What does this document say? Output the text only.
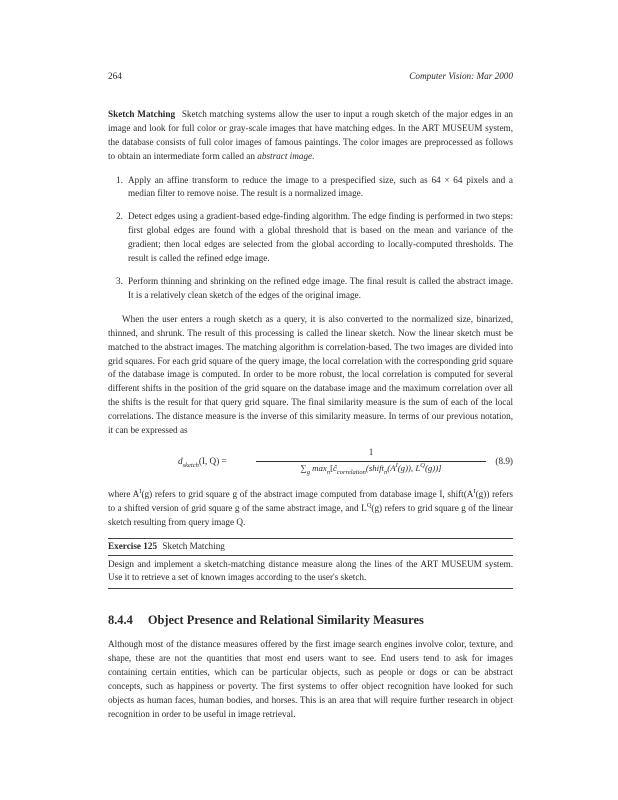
264	Computer Vision: Mar 2000

Sketch Matching Sketch matching systems allow the user to input a rough sketch of the major edges in an image and look for full color or gray-scale images that have matching edges. In the ART MUSEUM system, the database consists of full color images of famous paintings. The color images are preprocessed as follows to obtain an intermediate form called an abstract image.

1. Apply an affine transform to reduce the image to a prespecified size, such as 64 × 64 pixels and a median filter to remove noise. The result is a normalized image.
2. Detect edges using a gradient-based edge-finding algorithm. The edge finding is performed in two steps: first global edges are found with a global threshold that is based on the mean and variance of the gradient; then local edges are selected from the global according to locally-computed thresholds. The result is called the refined edge image.
3. Perform thinning and shrinking on the refined edge image. The final result is called the abstract image. It is a relatively clean sketch of the edges of the original image.

When the user enters a rough sketch as a query, it is also converted to the normalized size, binarized, thinned, and shrunk. The result of this processing is called the linear sketch. Now the linear sketch must be matched to the abstract images. The matching algorithm is correlation-based. The two images are divided into grid squares. For each grid square of the query image, the local correlation with the corresponding grid square of the database image is computed. In order to be more robust, the local correlation is computed for several different shifts in the position of the grid square on the database image and the maximum correlation over all the shifts is the result for that query grid square. The final similarity measure is the sum of each of the local correlations. The distance measure is the inverse of this similarity measure. In terms of our previous notation, it can be expressed as

$d_{sketch}(I$, Q) =
1
$\sum_g$ $\max_n[ĉ_{correlation}(shift_n(A^I(g))$, $L^Q(g)$)]
(8.9)

where $A^I(g)$ refers to grid square g of the abstract image computed from database image I, $shift(A^I(g))$ refers to a shifted version of grid square g of the same abstract image, and $L^Q(g)$ refers to grid square g of the linear sketch resulting from query image Q.

Exercise 125 Sketch Matching
Design and implement a sketch-matching distance measure along the lines of the ART MUSEUM system. Use it to retrieve a set of known images according to the user's sketch.
8.4.4 Object Presence and Relational Similarity Measures

Although most of the distance measures offered by the first image search engines involve color, texture, and shape, these are not the quantities that most end users want to see. End users tend to ask for images containing certain entities, which can be particular objects, such as people or dogs or can be abstract concepts, such as happiness or poverty. The first systems to offer object recognition have looked for such objects as human faces, human bodies, and horses. This is an area that will require further research in object recognition in order to be useful in image retrieval.
